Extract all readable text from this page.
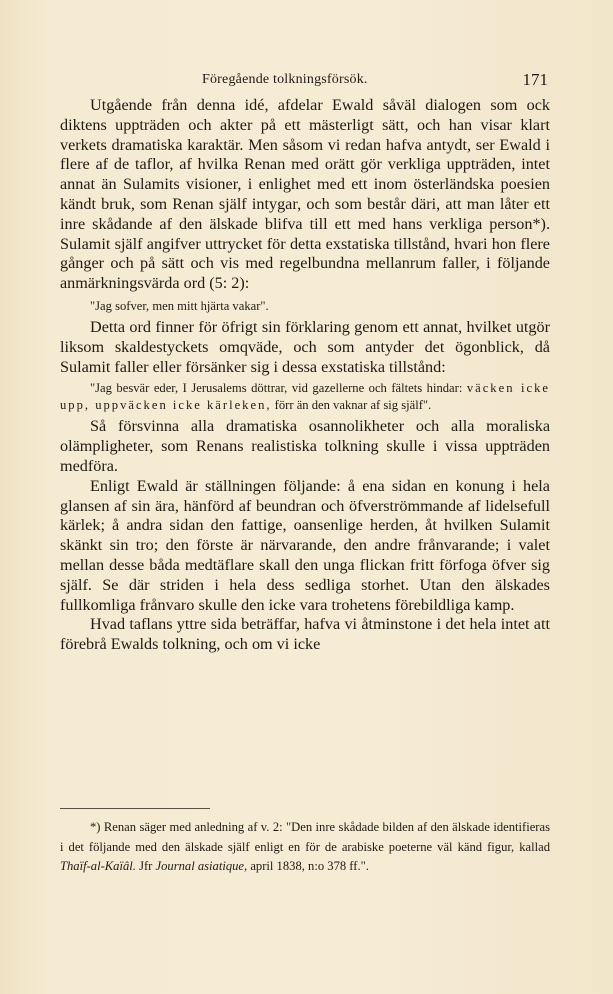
Föregående tolkningsförsök.	171

Utgående från denna idé, afdelar Ewald såväl dialogen som ock diktens uppträden och akter på ett mästerligt sätt, och han visar klart verkets dramatiska karaktär. Men såsom vi redan hafva antydt, ser Ewald i flere af de taflor, af hvilka Renan med orätt gör verkliga uppträden, intet annat än Sulamits visioner, i enlighet med ett inom österländska poesien kändt bruk, som Renan själf intygar, och som består däri, att man låter ett inre skådande af den älskade blifva till ett med hans verkliga person*). Sulamit själf angifver uttrycket för detta exstatiska tillstånd, hvari hon flere gånger och på sätt och vis med regelbundna mellanrum faller, i följande anmärkningsvärda ord (5: 2):

"Jag sofver, men mitt hjärta vakar".

Detta ord finner för öfrigt sin förklaring genom ett annat, hvilket utgör liksom skaldestyckets omqväde, och som antyder det ögonblick, då Sulamit faller eller försänker sig i dessa exstatiska tillstånd:

"Jag besvär eder, I Jerusalems döttrar, vid gazellerne och fältets hindar: väcken icke upp, uppväcken icke kärleken, förr än den vaknar af sig själf".

Så försvinna alla dramatiska osannolikheter och alla moraliska olämpligheter, som Renans realistiska tolkning skulle i vissa uppträden medföra.

Enligt Ewald är ställningen följande: å ena sidan en konung i hela glansen af sin ära, hänförd af beundran och öfverströmmande af lidelsefull kärlek; å andra sidan den fattige, oansenlige herden, åt hvilken Sulamit skänkt sin tro; den förste är närvarande, den andre frånvarande; i valet mellan desse båda medtäflare skall den unga flickan fritt förfoga öfver sig själf. Se där striden i hela dess sedliga storhet. Utan den älskades fullkomliga frånvaro skulle den icke vara trohetens förebildliga kamp.

Hvad taflans yttre sida beträffar, hafva vi åtminstone i det hela intet att förebrå Ewalds tolkning, och om vi icke

*) Renan säger med anledning af v. 2: "Den inre skådade bilden af den älskade identifieras i det följande med den älskade själf enligt en för de arabiske poeterne väl känd figur, kallad Thaïf-al-Kaïâl. Jfr Journal asiatique, april 1838, n:o 378 ff.".
